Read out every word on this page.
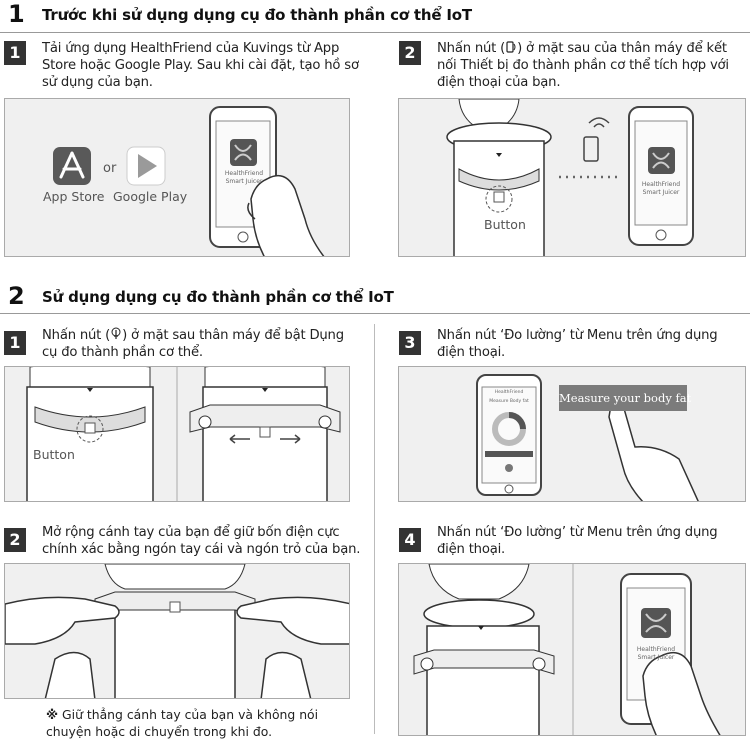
1 Trước khi sử dụng dụng cụ đo thành phần cơ thể IoT
1	Tải ứng dụng HealthFriend của Kuvings từ App Store hoặc Google Play. Sau khi cài đặt, tạo hồ sơ sử dụng của bạn.
App Store
or
Google Play
HealthFriend
Smart Juicer
2	Nhấn nút ( ) ở mặt sau của thân máy để kết nối Thiết bị đo thành phần cơ thể tích hợp với điện thoại của bạn.
Button
HealthFriend
Smart Juicer
2 Sử dụng dụng cụ đo thành phần cơ thể IoT
1	Nhấn nút ( ) ở mặt sau thân máy để bật Dụng cụ đo thành phần cơ thể.
Button
2	Mở rộng cánh tay của bạn để giữ bốn điện cực chính xác bằng ngón tay cái và ngón trỏ của bạn.
※ Giữ thẳng cánh tay của bạn và không nói chuyện hoặc di chuyển trong khi đo.
3	Nhấn nút ‘Đo lường’ từ Menu trên ứng dụng điện thoại.
Measure your body fat
HealthFriend
Measure Body fat
4	Nhấn nút ‘Đo lường’ từ Menu trên ứng dụng điện thoại.
HealthFriend
Smart Juicer
